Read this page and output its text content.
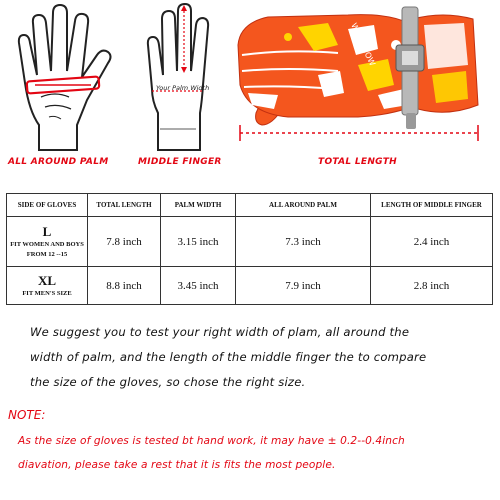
Your Palm Width
WILDSNOW
ALL AROUND PALM	MIDDLE FINGER	TOTAL LENGTH
SIDE OF GLOVES	TOTAL LENGTH	PALM WIDTH	ALL AROUND PALM	LENGTH OF MIDDLE FINGER

L
FIT WOMEN AND BOYS FROM 12 --15	7.8 inch	3.15 inch	7.3 inch	2.4 inch

XL
FIT MEN'S SIZE	8.8 inch	3.45 inch	7.9 inch	2.8 inch
We suggest you to test your right width of plam, all around the
width of palm, and the length of the middle finger the to compare
the size of the gloves, so chose the right size.
NOTE:
As the size of gloves is tested bt hand work, it may have ± 0.2--0.4inch
diavation, please take a rest that it is fits the most people.
